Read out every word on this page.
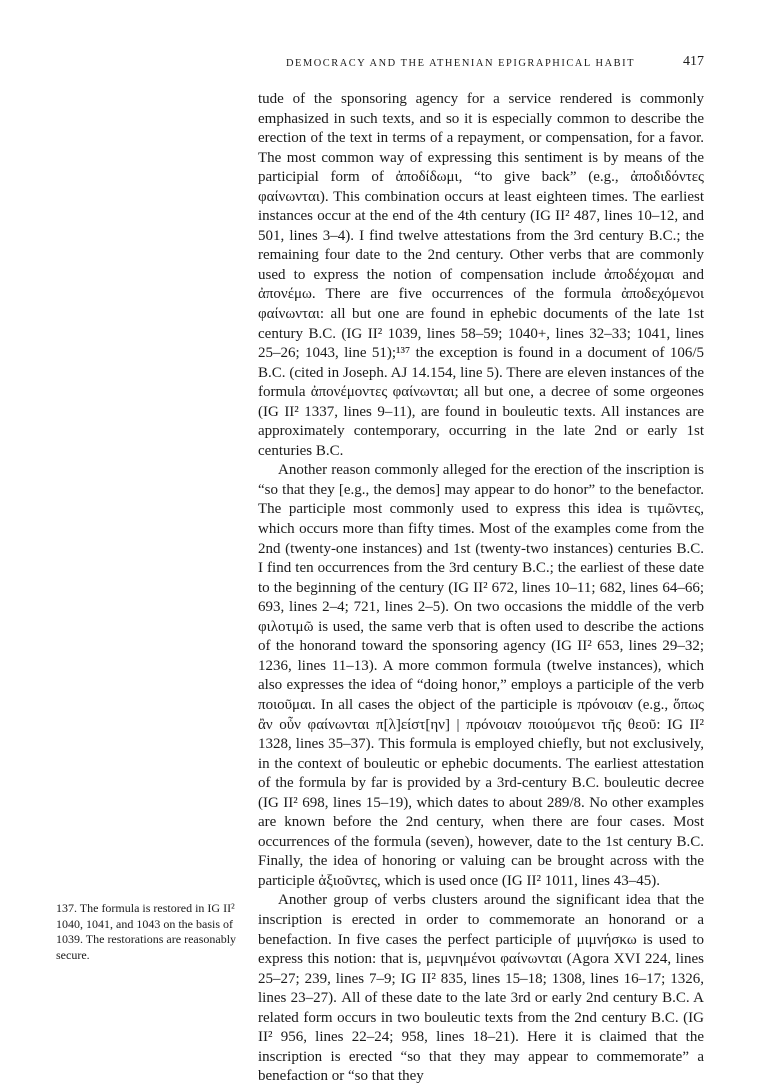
DEMOCRACY AND THE ATHENIAN EPIGRAPHICAL HABIT	417

tude of the sponsoring agency for a service rendered is commonly emphasized in such texts, and so it is especially common to describe the erection of the text in terms of a repayment, or compensation, for a favor. The most common way of expressing this sentiment is by means of the participial form of ἀποδίδωμι, “to give back” (e.g., ἀποδιδόντες φαίνωνται). This combination occurs at least eighteen times. The earliest instances occur at the end of the 4th century (IG II² 487, lines 10–12, and 501, lines 3–4). I find twelve attestations from the 3rd century B.C.; the remaining four date to the 2nd century. Other verbs that are commonly used to express the notion of compensation include ἀποδέχομαι and ἀπονέμω. There are five occurrences of the formula ἀποδεχόμενοι φαίνωνται: all but one are found in ephebic documents of the late 1st century B.C. (IG II² 1039, lines 58–59; 1040+, lines 32–33; 1041, lines 25–26; 1043, line 51);¹³⁷ the exception is found in a document of 106/5 B.C. (cited in Joseph. AJ 14.154, line 5). There are eleven instances of the formula ἀπονέμοντες φαίνωνται; all but one, a decree of some orgeones (IG II² 1337, lines 9–11), are found in bouleutic texts. All instances are approximately contemporary, occurring in the late 2nd or early 1st centuries B.C.

Another reason commonly alleged for the erection of the inscription is “so that they [e.g., the demos] may appear to do honor” to the benefactor. The participle most commonly used to express this idea is τιμῶντες, which occurs more than fifty times. Most of the examples come from the 2nd (twenty-one instances) and 1st (twenty-two instances) centuries B.C. I find ten occurrences from the 3rd century B.C.; the earliest of these date to the beginning of the century (IG II² 672, lines 10–11; 682, lines 64–66; 693, lines 2–4; 721, lines 2–5). On two occasions the middle of the verb φιλοτιμῶ is used, the same verb that is often used to describe the actions of the honorand toward the sponsoring agency (IG II² 653, lines 29–32; 1236, lines 11–13). A more common formula (twelve instances), which also expresses the idea of “doing honor,” employs a participle of the verb ποιοῦμαι. In all cases the object of the participle is πρόνοιαν (e.g., ὅπως ἂν οὖν φαίνωνται π[λ]είστ[ην] | πρόνοιαν ποιούμενοι τῆς θεοῦ: IG II² 1328, lines 35–37). This formula is employed chiefly, but not exclusively, in the context of bouleutic or ephebic documents. The earliest attestation of the formula by far is provided by a 3rd-century B.C. bouleutic decree (IG II² 698, lines 15–19), which dates to about 289/8. No other examples are known before the 2nd century, when there are four cases. Most occurrences of the formula (seven), however, date to the 1st century B.C. Finally, the idea of honoring or valuing can be brought across with the participle ἀξιοῦντες, which is used once (IG II² 1011, lines 43–45).

Another group of verbs clusters around the significant idea that the inscription is erected in order to commemorate an honorand or a benefaction. In five cases the perfect participle of μιμνήσκω is used to express this notion: that is, μεμνημένοι φαίνωνται (Agora XVI 224, lines 25–27; 239, lines 7–9; IG II² 835, lines 15–18; 1308, lines 16–17; 1326, lines 23–27). All of these date to the late 3rd or early 2nd century B.C. A related form occurs in two bouleutic texts from the 2nd century B.C. (IG II² 956, lines 22–24; 958, lines 18–21). Here it is claimed that the inscription is erected “so that they may appear to commemorate” a benefaction or “so that they

137. The formula is restored in IG II² 1040, 1041, and 1043 on the basis of 1039. The restorations are reasonably secure.
